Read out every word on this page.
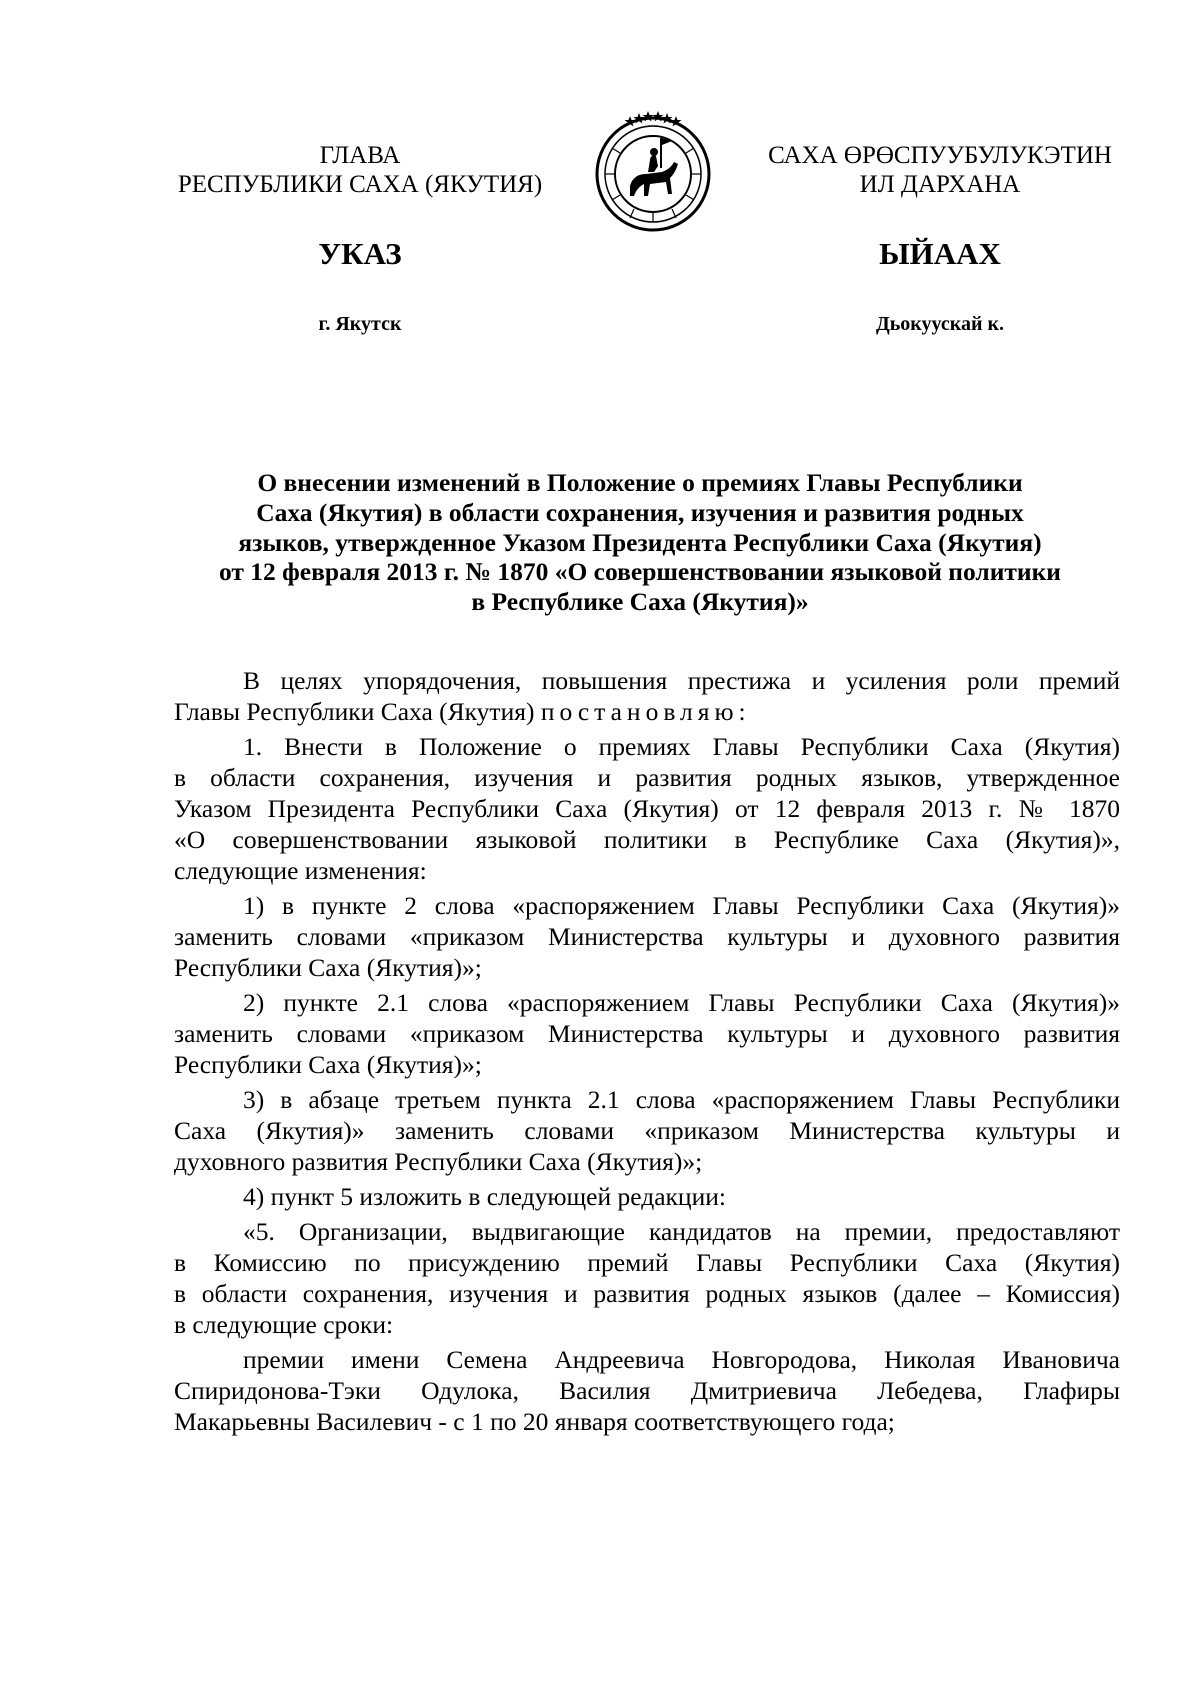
ГЛАВА
РЕСПУБЛИКИ САХА (ЯКУТИЯ)
САХА ӨРӨСПУУБУЛУКЭТИН
ИЛ ДАРХАНА
УКАЗ	ЫЙААХ
г. Якутск	Дьокуускай к.
О внесении изменений в Положение о премиях Главы Республики
Саха (Якутия) в области сохранения, изучения и развития родных
языков, утвержденное Указом Президента Республики Саха (Якутия)
от 12 февраля 2013 г. № 1870 «О совершенствовании языковой политики
в Республике Саха (Якутия)»
В целях упорядочения, повышения престижа и усиления роли премий
Главы Республики Саха (Якутия) постановляю:
1. Внести в Положение о премиях Главы Республики Саха (Якутия)
в области сохранения, изучения и развития родных языков, утвержденное
Указом Президента Республики Саха (Якутия) от 12 февраля 2013 г. № 1870
«О совершенствовании языковой политики в Республике Саха (Якутия)»,
следующие изменения:
1) в пункте 2 слова «распоряжением Главы Республики Саха (Якутия)»
заменить словами «приказом Министерства культуры и духовного развития
Республики Саха (Якутия)»;
2) пункте 2.1 слова «распоряжением Главы Республики Саха (Якутия)»
заменить словами «приказом Министерства культуры и духовного развития
Республики Саха (Якутия)»;
3) в абзаце третьем пункта 2.1 слова «распоряжением Главы Республики
Саха (Якутия)» заменить словами «приказом Министерства культуры и
духовного развития Республики Саха (Якутия)»;
4) пункт 5 изложить в следующей редакции:
«5. Организации, выдвигающие кандидатов на премии, предоставляют
в Комиссию по присуждению премий Главы Республики Саха (Якутия)
в области сохранения, изучения и развития родных языков (далее – Комиссия)
в следующие сроки:
премии имени Семена Андреевича Новгородова, Николая Ивановича
Спиридонова-Тэки Одулока, Василия Дмитриевича Лебедева, Глафиры
Макарьевны Василевич - с 1 по 20 января соответствующего года;
